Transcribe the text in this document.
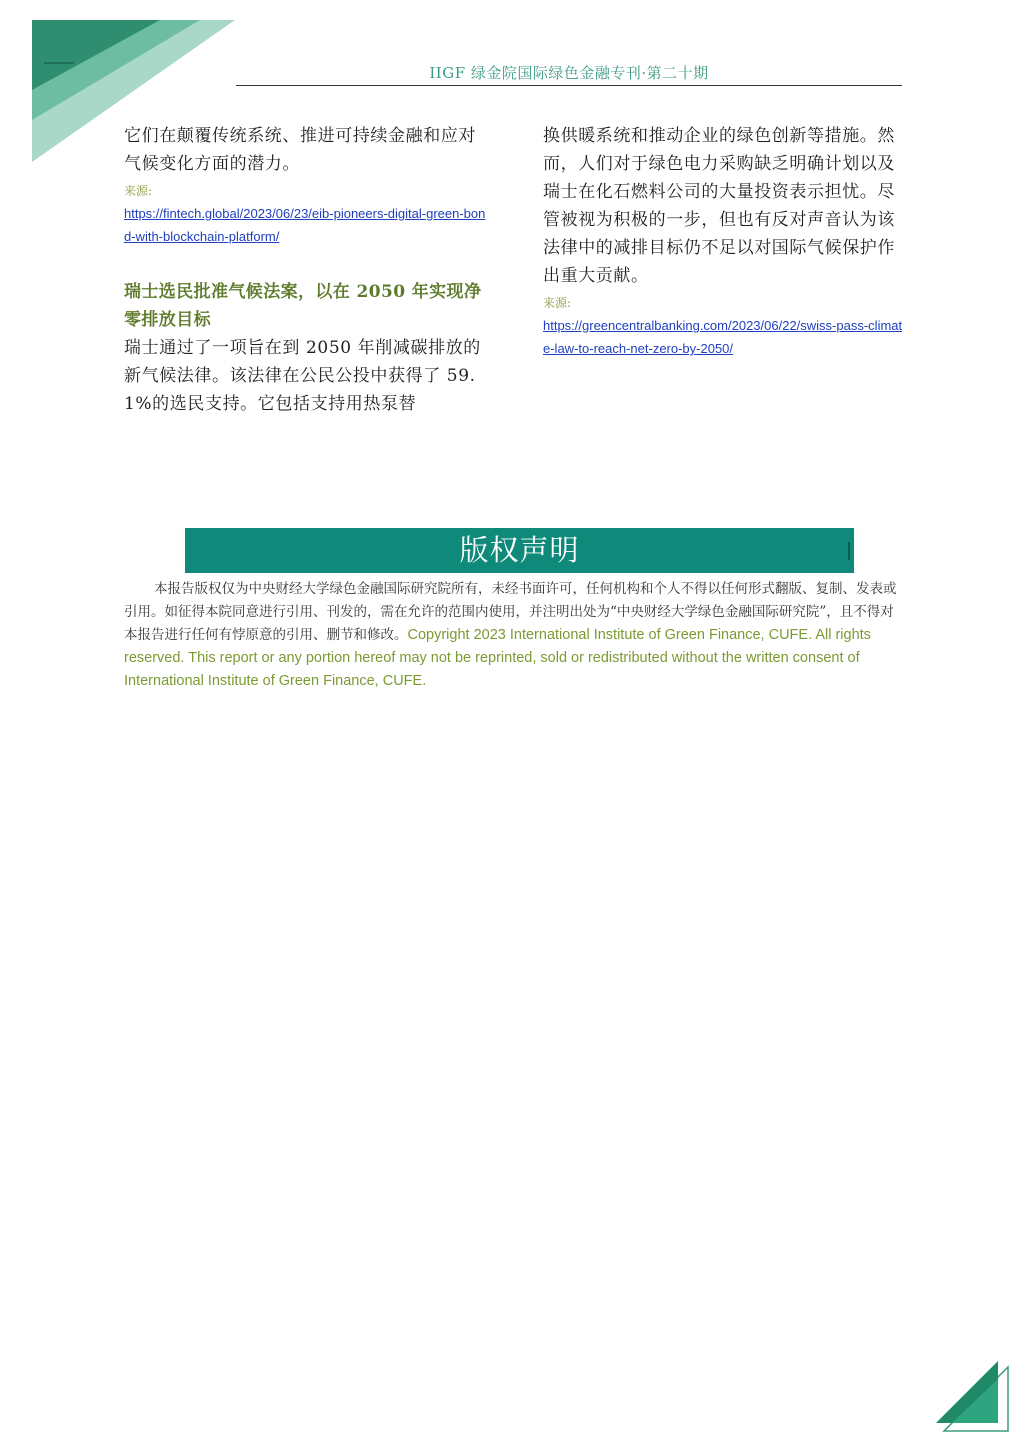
IIGF 绿金院国际绿色金融专刊·第二十期

它们在颠覆传统系统、推进可持续金融和应对气候变化方面的潜力。

来源:

https://fintech.global/2023/06/23/eib-pioneers-digital-green-bond-with-blockchain-platform/

瑞士选民批准气候法案，以在 2050 年实现净零排放目标

瑞士通过了一项旨在到 2050 年削减碳排放的新气候法律。该法律在公民公投中获得了 59.1%的选民支持。它包括支持用热泵替

换供暖系统和推动企业的绿色创新等措施。然而，人们对于绿色电力采购缺乏明确计划以及瑞士在化石燃料公司的大量投资表示担忧。尽管被视为积极的一步，但也有反对声音认为该法律中的减排目标仍不足以对国际气候保护作出重大贡献。

来源:

https://greencentralbanking.com/2023/06/22/swiss-pass-climate-law-to-reach-net-zero-by-2050/
版权声明

本报告版权仅为中央财经大学绿色金融国际研究院所有，未经书面许可，任何机构和个人不得以任何形式翻版、复制、发表或引用。如征得本院同意进行引用、刊发的，需在允许的范围内使用，并注明出处为“中央财经大学绿色金融国际研究院”，且不得对本报告进行任何有悖原意的引用、删节和修改。Copyright 2023 International Institute of Green Finance, CUFE. All rights reserved. This report or any portion hereof may not be reprinted, sold or redistributed without the written consent of International Institute of Green Finance, CUFE.
